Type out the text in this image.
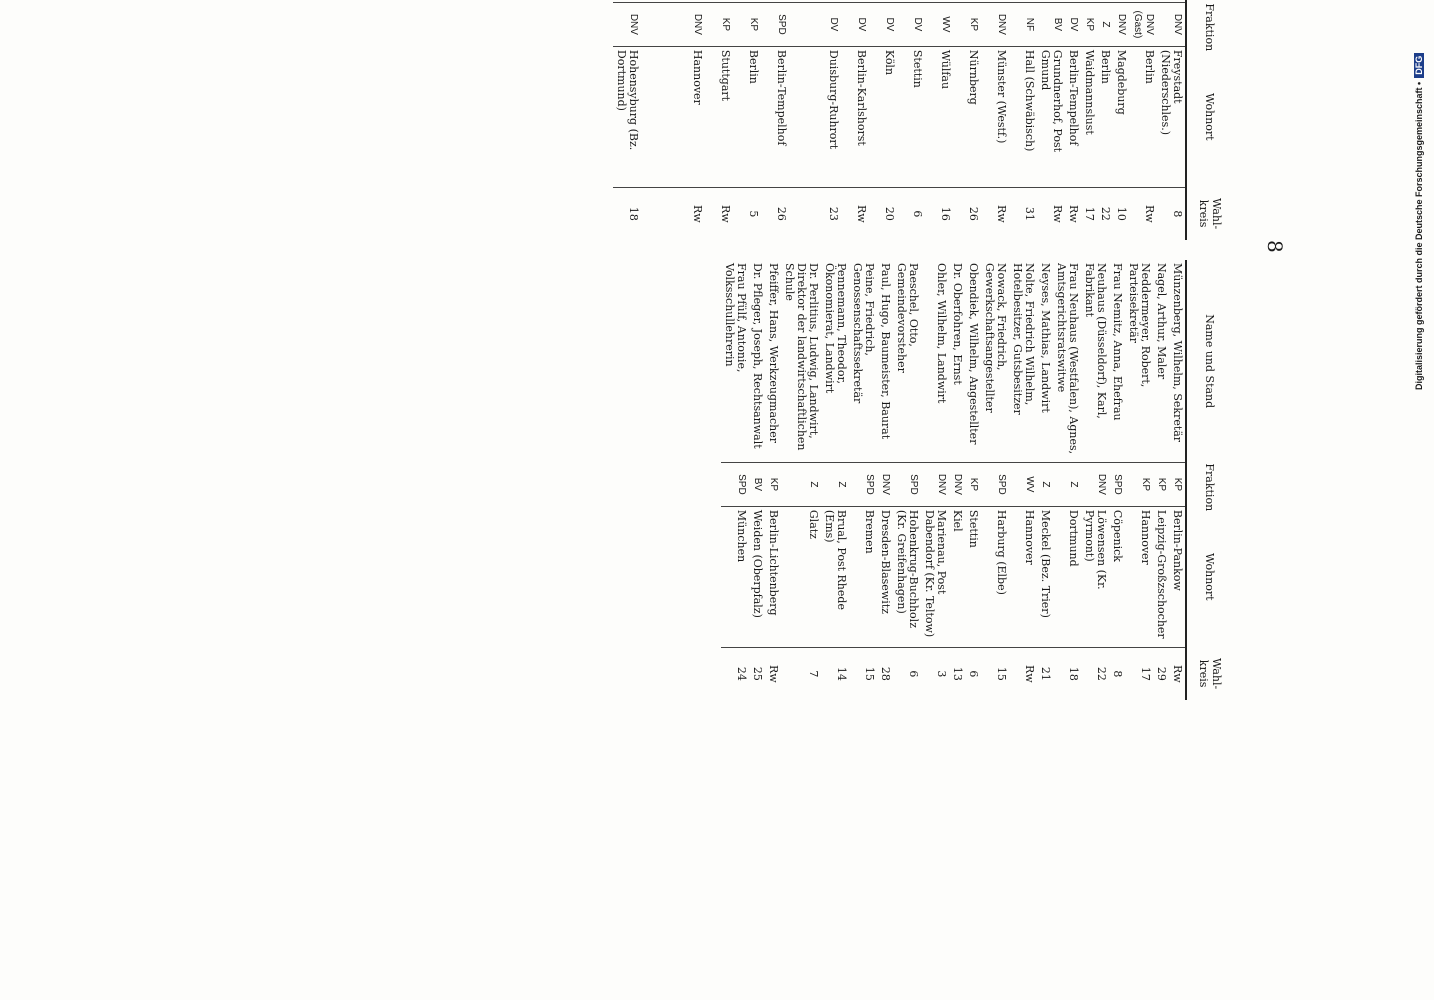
8
	Fraktion	Wohnort	Wahl-kreis
	DNV	Freystadt (Niederschles.)	8
	DNV (Gast)	Berlin	Rw
	DNV	Magdeburg	10
	Z	Berlin	22
	KP	Waidmannslust	17
	DV	Berlin-Tempelhof	Rw
	BV	Grundnerhof, Post Gmund	Rw
	NF	Hall (Schwäbisch)	31
	DNV	Münster (Westf.)	Rw
	KP	Nürnberg	26
	WV	Wülfau	16
	DV	Stettin	6
	DV	Köln	20
	DV	Berlin-Karlshorst	Rw
	DV	Duisburg-Ruhrort	23
	SPD	Berlin-Tempelhof	26
	KP	Berlin	5
	KP	Stuttgart	Rw
	DNV	Hannover	Rw
	DNV	Hohensyburg (Bz. Dortmund)	18
Name und Stand	Fraktion	Wohnort	Wahl-kreis
Münzenberg, Wilhelm, Sekretär	KP	Berlin-Pankow	Rw
Nagel, Arthur, Maler	KP	Leipzig-Großzschocher	29
Neddermeyer, Robert, Parteisekretär	KP	Hannover	17
Frau Nemitz, Anna, Ehefrau	SPD	Cöpenick	8
Neuhaus (Düsseldorf), Karl, Fabrikant	DNV	Löwensen (Kr. Pyrmont)	22
Frau Neuhaus (Westfalen), Agnes, Amtsgerichtsratswitwe	Z	Dortmund	18
Neyses, Mathias, Landwirt	Z	Meckel (Bez. Trier)	21
Nolte, Friedrich Wilhelm, Hotelbesitzer, Gutsbesitzer	WV	Hannover	Rw
Nowack, Friedrich, Gewerkschaftsangestellter	SPD	Harburg (Elbe)	15
Obendiek, Wilhelm, Angestellter	KP	Stettin	6
Dr. Oberfohren, Ernst	DNV	Kiel	13
Ohler, Wilhelm, Landwirt	DNV	Marienau, Post Dabendorf (Kr. Teltow)	3
Paeschel, Otto, Gemeindevorsteher	SPD	Hohenkrug-Buchholz (Kr. Greifenhagen)	6
Paul, Hugo, Baumeister, Baurat	DNV	Dresden-Blasewitz	28
Peine, Friedrich, Genossenschaftssekretär	SPD	Bremen	15
Pennemann, Theodor, Ökonomierat, Landwirt	Z	Brual, Post Rhede (Ems)	14
Dr. Perlitius, Ludwig, Landwirt, Direktor der landwirtschaftlichen Schule	Z	Glatz	7
Pfeiffer, Hans, Werkzeugmacher	KP	Berlin-Lichtenberg	Rw
Dr. Pfleger, Joseph, Rechtsanwalt	BV	Weiden (Oberpfalz)	25
Frau Pfülf, Antonie, Volksschullehrerin	SPD	München	24
Digitalisierung gefördert durch die Deutsche Forschungsgemeinschaft •DFG
